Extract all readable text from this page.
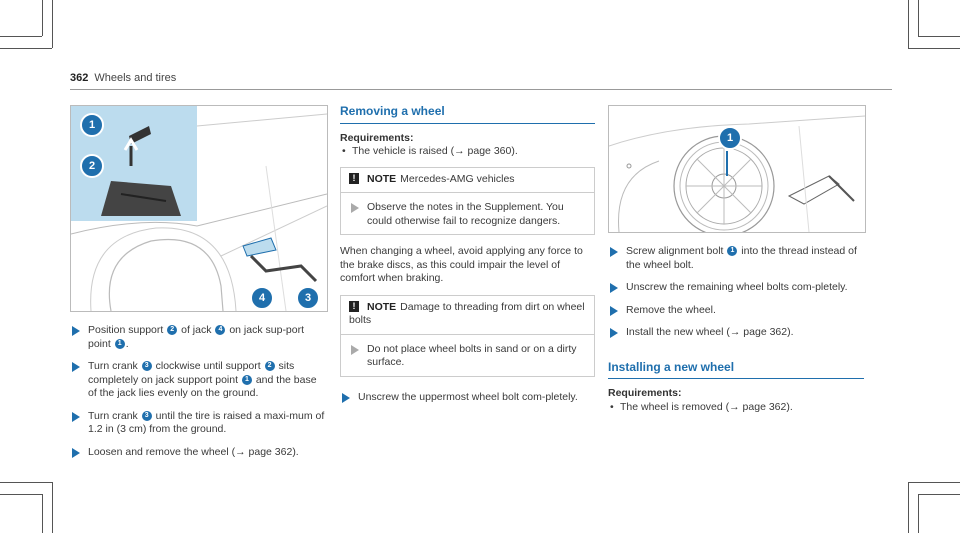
362 Wheels and tires
1
2
4	3
Position support 2 of jack 4 on jack sup-port point 1 .
Turn crank 3 clockwise until support 2 sits completely on jack support point 1 and the base of the jack lies evenly on the ground.
Turn crank 3 until the tire is raised a maxi-mum of 1.2 in (3 cm) from the ground.
Loosen and remove the wheel (→ page 362).
Removing a wheel
Requirements:
• The vehicle is raised (→ page 360).
! NOTE Mercedes-AMG vehicles
Observe the notes in the Supplement. You could otherwise fail to recognize dangers.

When changing a wheel, avoid applying any force to the brake discs, as this could impair the level of comfort when braking.

! NOTE Damage to threading from dirt on wheel bolts
Do not place wheel bolts in sand or on a dirty surface.
Unscrew the uppermost wheel bolt com-pletely.
1
Screw alignment bolt 1 into the thread instead of the wheel bolt.
Unscrew the remaining wheel bolts com-pletely.
Remove the wheel.
Install the new wheel (→ page 362).
Installing a new wheel
Requirements:
• The wheel is removed (→ page 362).
